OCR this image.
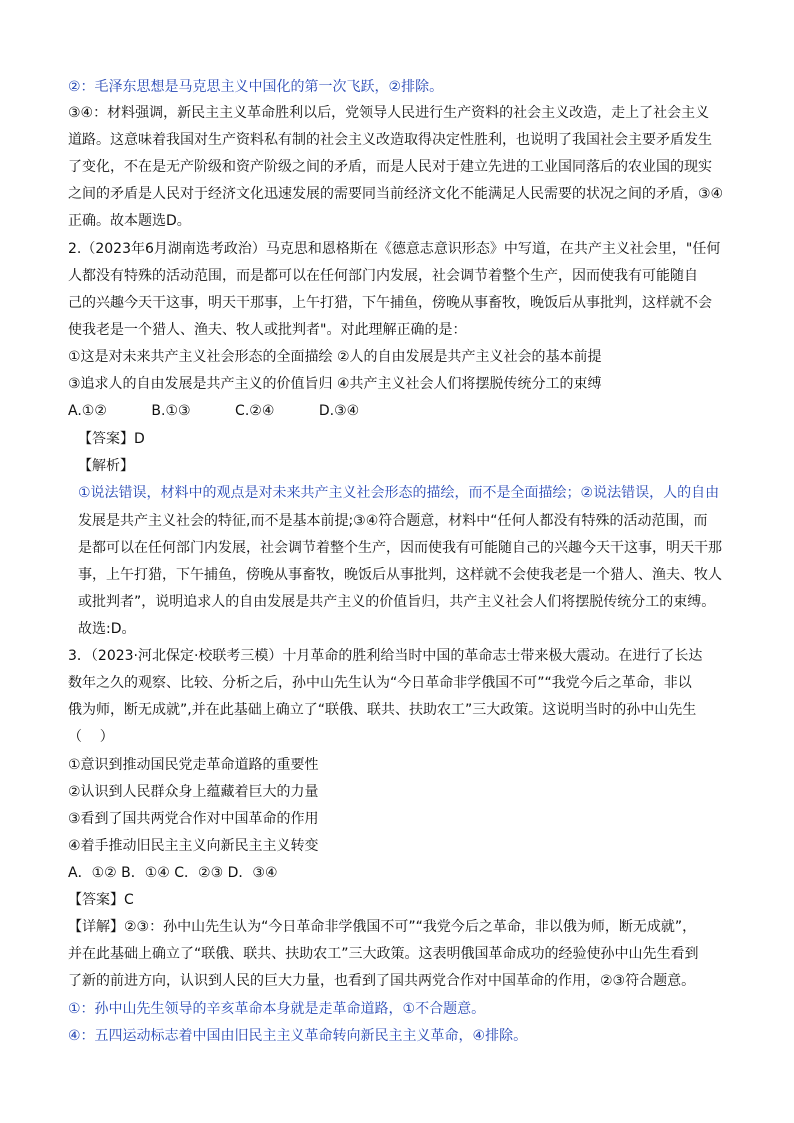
②：毛泽东思想是马克思主义中国化的第一次飞跃，②排除。
③④：材料强调，新民主主义革命胜利以后，党领导人民进行生产资料的社会主义改造，走上了社会主义
道路。这意味着我国对生产资料私有制的社会主义改造取得决定性胜利，也说明了我国社会主要矛盾发生
了变化，不在是无产阶级和资产阶级之间的矛盾，而是人民对于建立先进的工业国同落后的农业国的现实
之间的矛盾是人民对于经济文化迅速发展的需要同当前经济文化不能满足人民需要的状况之间的矛盾，③④
正确。故本题选D。
2.（2023年6月湖南选考政治）马克思和恩格斯在《德意志意识形态》中写道，在共产主义社会里，"任何
人都没有特殊的活动范围，而是都可以在任何部门内发展，社会调节着整个生产，因而使我有可能随自
己的兴趣今天干这事，明天干那事，上午打猎，下午捕鱼，傍晚从事畜牧，晚饭后从事批判，这样就不会
使我老是一个猎人、渔夫、牧人或批判者"。对此理解正确的是：
①这是对未来共产主义社会形态的全面描绘 ②人的自由发展是共产主义社会的基本前提
③追求人的自由发展是共产主义的价值旨归 ④共产主义社会人们将摆脱传统分工的束缚
A.①②          B.①③          C.②④          D.③④
【答案】D
【解析】
①说法错误，材料中的观点是对未来共产主义社会形态的描绘，而不是全面描绘；②说法错误，人的自由
发展是共产主义社会的特征,而不是基本前提;③④符合题意，材料中“任何人都没有特殊的活动范围，而
是都可以在任何部门内发展，社会调节着整个生产，因而使我有可能随自己的兴趣今天干这事，明天干那
事，上午打猎，下午捕鱼，傍晚从事畜牧，晚饭后从事批判，这样就不会使我老是一个猎人、渔夫、牧人
或批判者”，说明追求人的自由发展是共产主义的价值旨归，共产主义社会人们将摆脱传统分工的束缚。
故选:D。
3．（2023·河北保定·校联考三模）十月革命的胜利给当时中国的革命志士带来极大震动。在进行了长达
数年之久的观察、比较、分析之后，孙中山先生认为“今日革命非学俄国不可”“我党今后之革命，非以
俄为师，断无成就”,并在此基础上确立了“联俄、联共、扶助农工”三大政策。这说明当时的孙中山先生
（    ）
①意识到推动国民党走革命道路的重要性
②认识到人民群众身上蕴藏着巨大的力量
③看到了国共两党合作对中国革命的作用
④着手推动旧民主主义向新民主主义转变
A．①② B．①④ C．②③ D．③④
【答案】C
【详解】②③：孙中山先生认为“今日革命非学俄国不可”“我党今后之革命，非以俄为师，断无成就”，
并在此基础上确立了“联俄、联共、扶助农工”三大政策。这表明俄国革命成功的经验使孙中山先生看到
了新的前进方向，认识到人民的巨大力量，也看到了国共两党合作对中国革命的作用，②③符合题意。
①：孙中山先生领导的辛亥革命本身就是走革命道路，①不合题意。
④：五四运动标志着中国由旧民主主义革命转向新民主主义革命，④排除。
